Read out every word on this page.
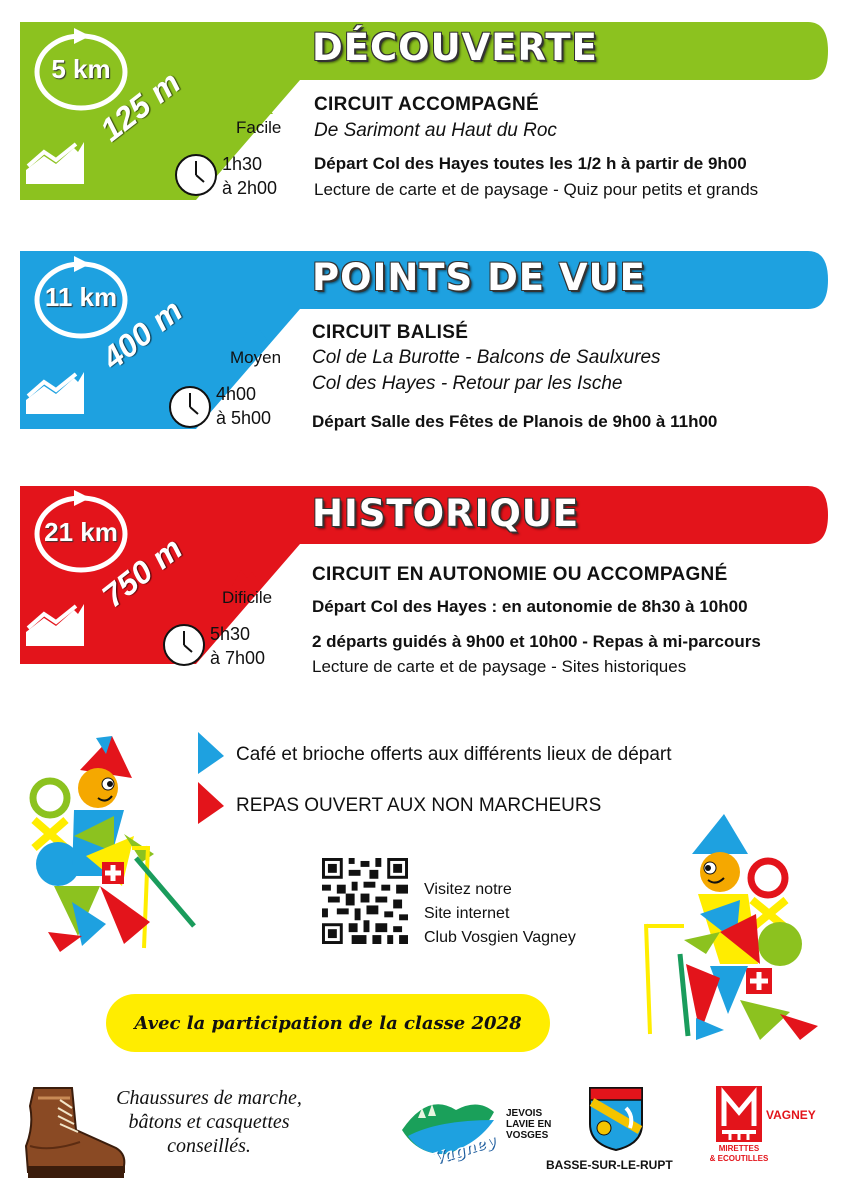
5 km
125 m
DÉCOUVERTE
Facile
1h30
à 2h00
CIRCUIT ACCOMPAGNÉ
De Sarimont au Haut du Roc
Départ Col des Hayes toutes les 1/2 h à partir de 9h00
Lecture de carte et de paysage - Quiz pour petits et grands
11 km
400 m
POINTS DE VUE
Moyen
4h00
à 5h00
CIRCUIT BALISÉ
Col de La Burotte - Balcons de Saulxures
Col des Hayes - Retour par les Ische
Départ Salle des Fêtes de Planois de 9h00 à 11h00
21 km
750 m
HISTORIQUE
Dificile
5h30
à 7h00
CIRCUIT EN AUTONOMIE OU ACCOMPAGNÉ
Départ Col des Hayes : en autonomie de 8h30 à 10h00
2 départs guidés à 9h00 et 10h00 - Repas à mi-parcours
Lecture de carte et de paysage - Sites historiques
Café et brioche offerts aux différents lieux de départ
REPAS OUVERT AUX NON MARCHEURS
Visitez notre
Site internet
Club Vosgien Vagney
Avec la participation de la classe 2028
Chaussures de marche,
bâtons et casquettes
conseillés.	Vagney
JEVOIS
LAVIE EN
VOSGES
BASSE-SUR-LE-RUPT
MIRETTES
& ECOUTILLES
VAGNEY
